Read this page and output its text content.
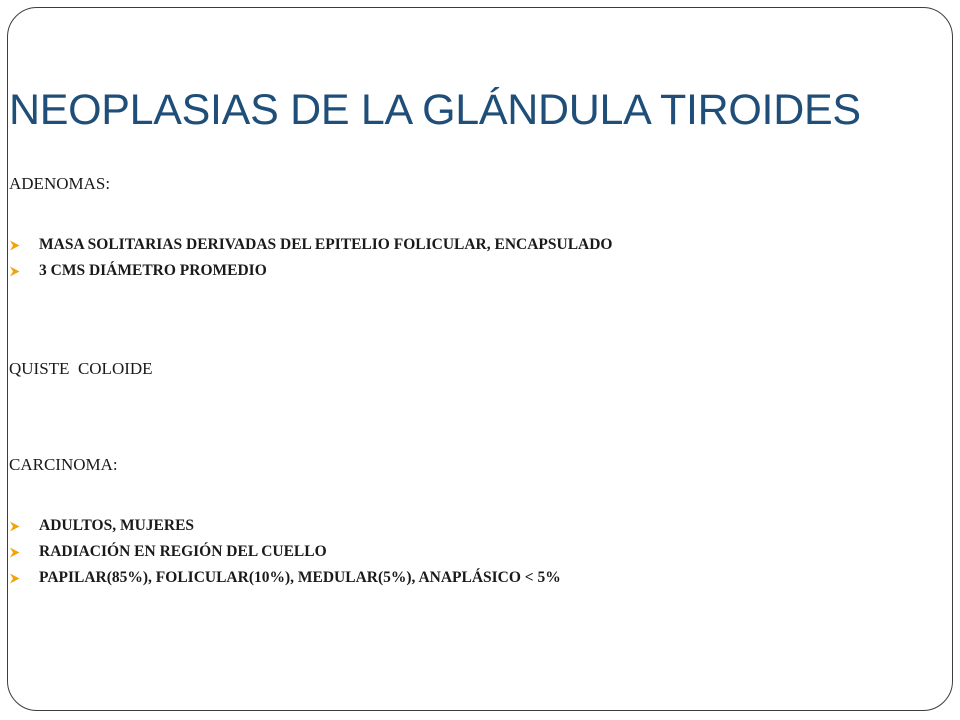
NEOPLASIAS DE LA GLÁNDULA TIROIDES
ADENOMAS:
MASA SOLITARIAS DERIVADAS DEL EPITELIO FOLICULAR, ENCAPSULADO
3 CMS DIÁMETRO PROMEDIO
QUISTE  COLOIDE
CARCINOMA:
ADULTOS, MUJERES
RADIACIÓN EN REGIÓN DEL CUELLO
PAPILAR(85%), FOLICULAR(10%), MEDULAR(5%), ANAPLÁSICO < 5%
